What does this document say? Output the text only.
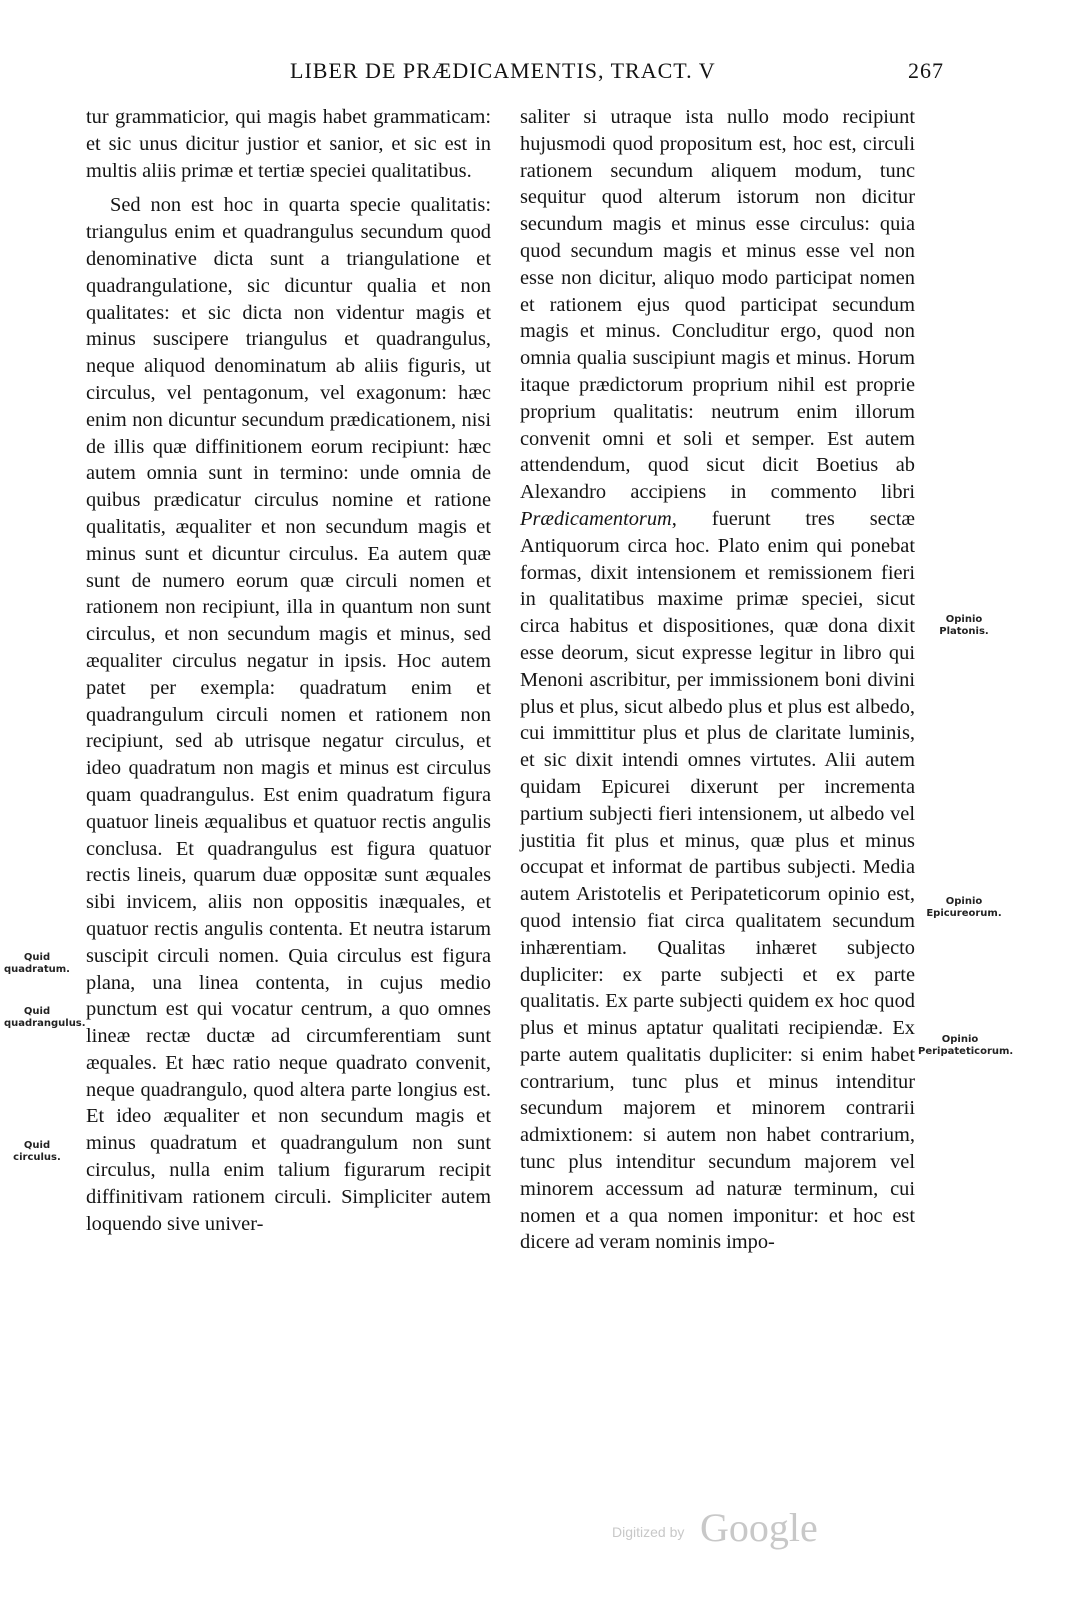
LIBER DE PRÆDICAMENTIS, TRACT. V	267

tur grammaticior, qui magis habet grammaticam: et sic unus dicitur justior et sanior, et sic est in multis aliis primæ et tertiæ speciei qualitatibus.

Sed non est hoc in quarta specie qualitatis: triangulus enim et quadrangulus secundum quod denominative dicta sunt a triangulatione et quadrangulatione, sic dicuntur qualia et non qualitates: et sic dicta non videntur magis et minus suscipere triangulus et quadrangulus, neque aliquod denominatum ab aliis figuris, ut circulus, vel pentagonum, vel exagonum: hæc enim non dicuntur secundum prædicationem, nisi de illis quæ diffinitionem eorum recipiunt: hæc autem omnia sunt in termino: unde omnia de quibus prædicatur circulus nomine et ratione qualitatis, æqualiter et non secundum magis et minus sunt et dicuntur circulus. Ea autem quæ sunt de numero eorum quæ circuli nomen et rationem non recipiunt, illa in quantum non sunt circulus, et non secundum magis et minus, sed æqualiter circulus negatur in ipsis. Hoc autem patet per exempla: quadratum enim et quadrangulum circuli nomen et rationem non recipiunt, sed ab utrisque negatur circulus, et ideo quadratum non magis et minus est circulus quam quadrangulus. Est enim quadratum figura quatuor lineis æqualibus et quatuor rectis angulis conclusa. Et quadrangulus est figura quatuor rectis lineis, quarum duæ oppositæ sunt æquales sibi invicem, aliis non oppositis inæquales, et quatuor rectis angulis contenta. Et neutra istarum suscipit circuli nomen. Quia circulus est figura plana, una linea contenta, in cujus medio punctum est qui vocatur centrum, a quo omnes lineæ rectæ ductæ ad circumferentiam sunt æquales. Et hæc ratio neque quadrato convenit, neque quadrangulo, quod altera parte longius est. Et ideo æqualiter et non secundum magis et minus quadratum et quadrangulum non sunt circulus, nulla enim talium figurarum recipit diffinitivam rationem circuli. Simpliciter autem loquendo sive univer-

saliter si utraque ista nullo modo recipiunt hujusmodi quod propositum est, hoc est, circuli rationem secundum aliquem modum, tunc sequitur quod alterum istorum non dicitur secundum magis et minus esse circulus: quia quod secundum magis et minus esse vel non esse non dicitur, aliquo modo participat nomen et rationem ejus quod participat secundum magis et minus. Concluditur ergo, quod non omnia qualia suscipiunt magis et minus. Horum itaque prædictorum proprium nihil est proprie proprium qualitatis: neutrum enim illorum convenit omni et soli et semper. Est autem attendendum, quod sicut dicit Boetius ab Alexandro accipiens in commento libri Prædicamentorum, fuerunt tres sectæ Antiquorum circa hoc. Plato enim qui ponebat formas, dixit intensionem et remissionem fieri in qualitatibus maxime primæ speciei, sicut circa habitus et dispositiones, quæ dona dixit esse deorum, sicut expresse legitur in libro qui Menoni ascribitur, per immissionem boni divini plus et plus, sicut albedo plus et plus est albedo, cui immittitur plus et plus de claritate luminis, et sic dixit intendi omnes virtutes. Alii autem quidam Epicurei dixerunt per incrementa partium subjecti fieri intensionem, ut albedo vel justitia fit plus et minus, quæ plus et minus occupat et informat de partibus subjecti. Media autem Aristotelis et Peripateticorum opinio est, quod intensio fiat circa qualitatem secundum inhærentiam. Qualitas inhæret subjecto dupliciter: ex parte subjecti et ex parte qualitatis. Ex parte subjecti quidem ex hoc quod plus et minus aptatur qualitati recipiendæ. Ex parte autem qualitatis dupliciter: si enim habet contrarium, tunc plus et minus intenditur secundum majorem et minorem contrarii admixtionem: si autem non habet contrarium, tunc plus intenditur secundum majorem vel minorem accessum ad naturæ terminum, cui nomen et a qua nomen imponitur: et hoc est dicere ad veram nominis impo-

Quid quadratum.
Quid quadrangulus.
Quid circulus.
Opinio Platonis.
Opinio Epicureorum.
Opinio Peripateticorum.
Digitized by Google
